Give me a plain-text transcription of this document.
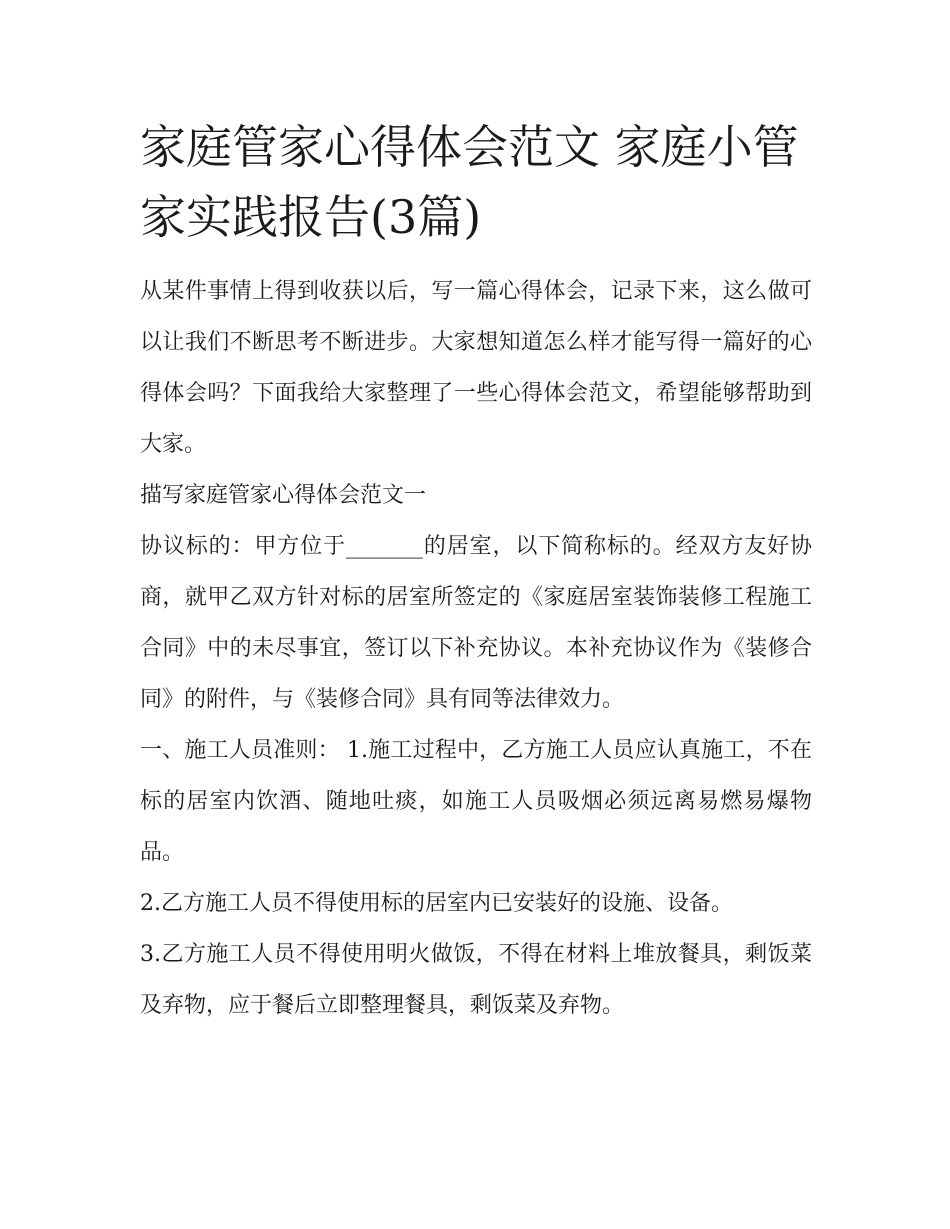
家庭管家心得体会范文 家庭小管家实践报告(3篇)

从某件事情上得到收获以后，写一篇心得体会，记录下来，这么做可以让我们不断思考不断进步。大家想知道怎么样才能写得一篇好的心得体会吗？下面我给大家整理了一些心得体会范文，希望能够帮助到大家。

描写家庭管家心得体会范文一

协议标的：甲方位于_______的居室，以下简称标的。经双方友好协商，就甲乙双方针对标的居室所签定的《家庭居室装饰装修工程施工合同》中的未尽事宜，签订以下补充协议。本补充协议作为《装修合同》的附件，与《装修合同》具有同等法律效力。

一、施工人员准则： 1.施工过程中，乙方施工人员应认真施工，不在标的居室内饮酒、随地吐痰，如施工人员吸烟必须远离易燃易爆物品。

2.乙方施工人员不得使用标的居室内已安装好的设施、设备。

3.乙方施工人员不得使用明火做饭，不得在材料上堆放餐具，剩饭菜及弃物，应于餐后立即整理餐具，剩饭菜及弃物。
